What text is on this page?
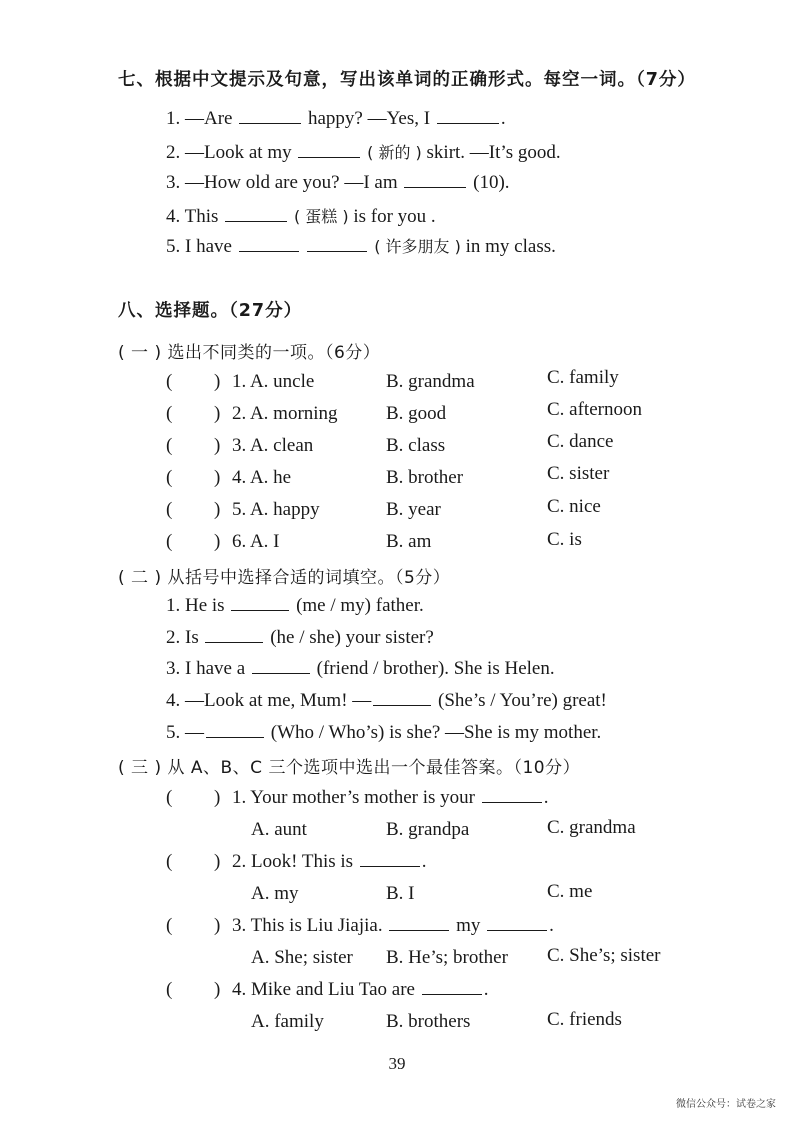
七、根据中文提示及句意，写出该单词的正确形式。每空一词。（7分）
1. —Are	happy? —Yes, I	.
2. —Look at my	( 新的 ) skirt. —It’s good.
3. —How old are you? —I am	(10).
4. This	( 蛋糕 ) is for you .
5. I have	( 许多朋友 ) in my class.
八、选择题。（27分）
( 一 ) 选出不同类的一项。（6分）
( ) 1. A. uncle	B. grandma	C. family
( ) 2. A. morning	B. good	C. afternoon
( ) 3. A. clean	B. class	C. dance
( ) 4. A. he	B. brother	C. sister
( ) 5. A. happy	B. year	C. nice
( ) 6. A. I	B. am	C. is
( 二 ) 从括号中选择合适的词填空。（5分）
1. He is	(me / my) father.
2. Is	(he / she) your sister?
3. I have a	(friend / brother). She is Helen.
4. —Look at me, Mum! —	(She’s / You’re) great!
5. —	(Who / Who’s) is she? —She is my mother.
( 三 ) 从 A、B、C 三个选项中选出一个最佳答案。（10分）
( ) 1. Your mother’s mother is your	.
A. aunt	B. grandpa	C. grandma
( ) 2. Look! This is	.
A. my	B. I	C. me
( ) 3. This is Liu Jiajia.	my	.
A. She; sister B. He’s; brother C. She’s; sister
( ) 4. Mike and Liu Tao are	.
A. family	B. brothers	C. friends
39
微信公众号：试卷之家
